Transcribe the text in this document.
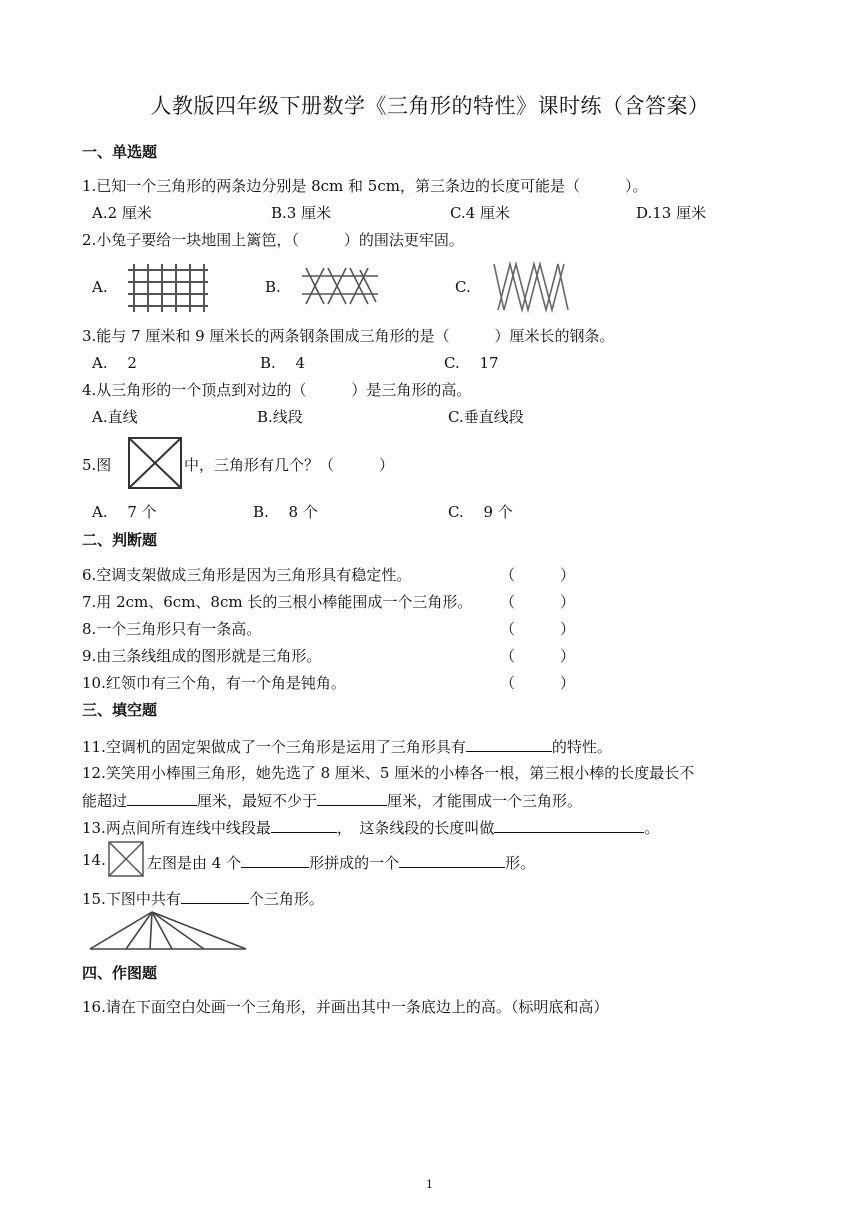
人教版四年级下册数学《三角形的特性》课时练（含答案）
一、单选题
1.已知一个三角形的两条边分别是 8cm 和 5cm，第三条边的长度可能是（　　　）。
A.2 厘米	B.3 厘米	C.4 厘米	D.13 厘米
2.小兔子要给一块地围上篱笆，（　　　）的围法更牢固。
A.	B.	C.
3.能与 7 厘米和 9 厘米长的两条钢条围成三角形的是（　　　）厘米长的钢条。
A.　 2	B.　 4	C.　 17
4.从三角形的一个顶点到对边的（　　　）是三角形的高。
A.直线	B.线段	C.垂直线段
5.图	中，三角形有几个？（　　　）
A.　 7 个	B.　 8 个	C.　 9 个
二、判断题
6.空调支架做成三角形是因为三角形具有稳定性。	（　　　）
7.用 2cm、6cm、8cm 长的三根小棒能围成一个三角形。 （　　　）
8.一个三角形只有一条高。	（　　　）
9.由三条线组成的图形就是三角形。	（　　　）
10.红领巾有三个角，有一个角是钝角。	（　　　）
三、填空题
11.空调机的固定架做成了一个三角形是运用了三角形具有	的特性。
12.笑笑用小棒围三角形，她先选了 8 厘米、5 厘米的小棒各一根，第三根小棒的长度最长不
能超过	厘米，最短不少于	厘米，才能围成一个三角形。
13.两点间所有连线中线段最	，　这条线段的长度叫做	。
14.	左图是由 4 个	形拼成的一个	形。
15.下图中共有	个三角形。
四、作图题
16.请在下面空白处画一个三角形，并画出其中一条底边上的高。（标明底和高）
1
